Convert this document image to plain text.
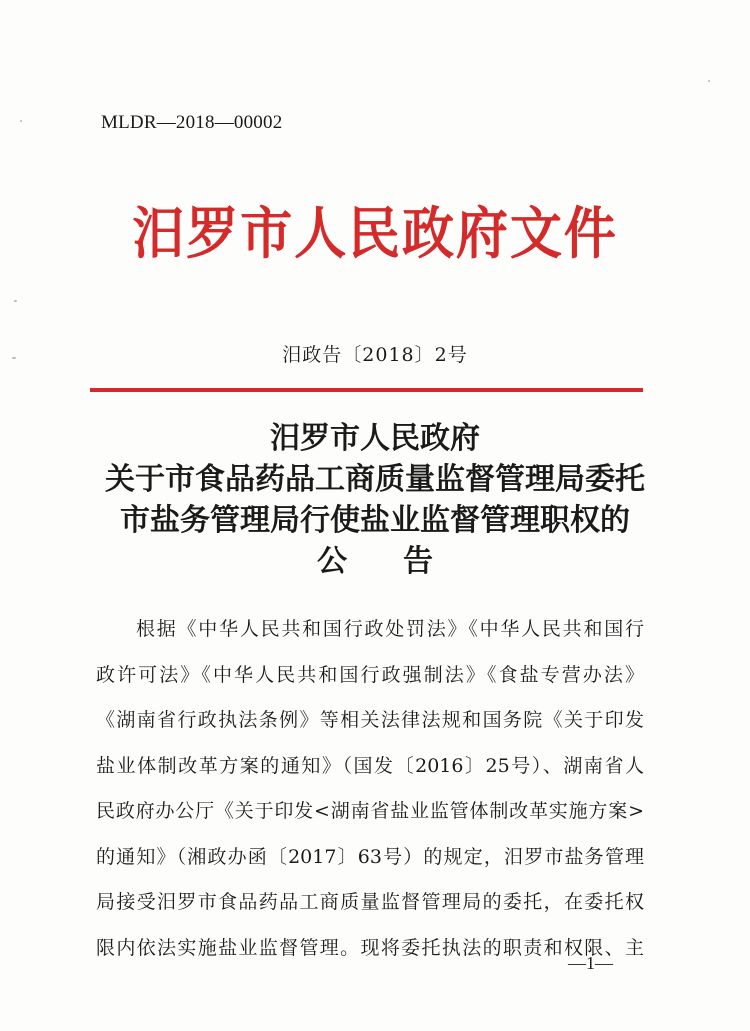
MLDR—2018—00002
汨罗市人民政府文件
汨政告〔2018〕2号
汨罗市人民政府
关于市食品药品工商质量监督管理局委托
市盐务管理局行使盐业监督管理职权的
公告
根据《中华人民共和国行政处罚法》《中华人民共和国行
政许可法》《中华人民共和国行政强制法》《食盐专营办法》
《湖南省行政执法条例》等相关法律法规和国务院《关于印发
盐业体制改革方案的通知》（国发〔2016〕25号）、湖南省人
民政府办公厅《关于印发<湖南省盐业监管体制改革实施方案>
的通知》（湘政办函〔2017〕63号）的规定，汨罗市盐务管理
局接受汨罗市食品药品工商质量监督管理局的委托，在委托权
限内依法实施盐业监督管理。现将委托执法的职责和权限、主
—1—
